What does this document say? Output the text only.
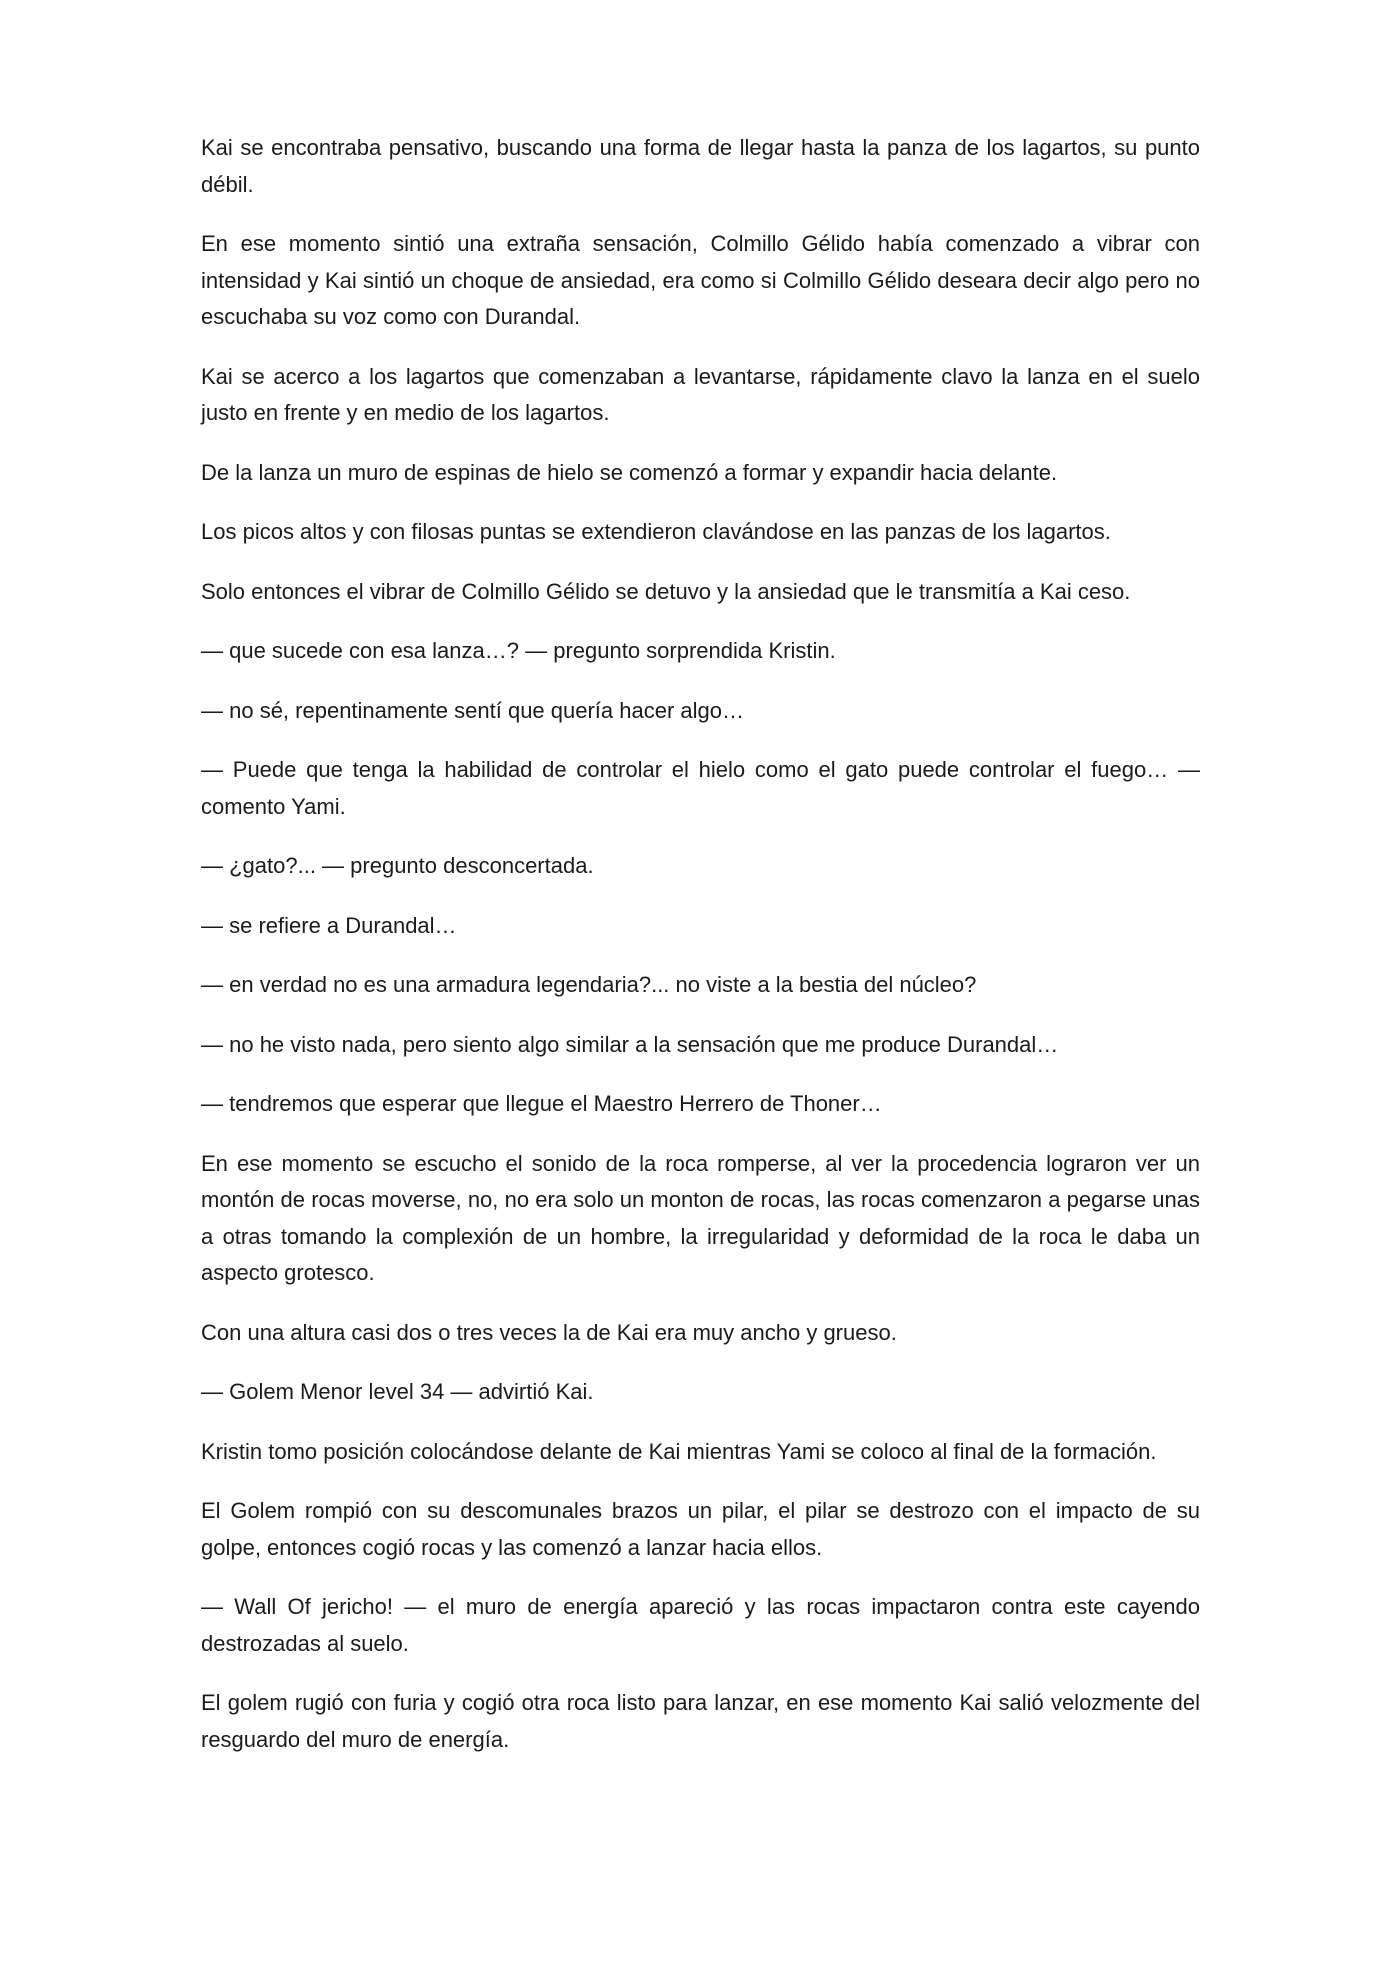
Kai se encontraba pensativo, buscando una forma de llegar hasta la panza de los lagartos, su punto débil.

En ese momento sintió una extraña sensación, Colmillo Gélido había comenzado a vibrar con intensidad y Kai sintió un choque de ansiedad, era como si Colmillo Gélido deseara decir algo pero no escuchaba su voz como con Durandal.

Kai se acerco a los lagartos que comenzaban a levantarse, rápidamente clavo la lanza en el suelo justo en frente y en medio de los lagartos.

De la lanza un muro de espinas de hielo se comenzó a formar y expandir hacia delante.

Los picos altos y con filosas puntas se extendieron clavándose en las panzas de los lagartos.

Solo entonces el vibrar de Colmillo Gélido se detuvo y la ansiedad que le transmitía a Kai ceso.

— que sucede con esa lanza…? — pregunto sorprendida Kristin.

— no sé, repentinamente sentí que quería hacer algo…

— Puede que tenga la habilidad de controlar el hielo como el gato puede controlar el fuego… — comento Yami.

— ¿gato?... — pregunto desconcertada.

— se refiere a Durandal…

— en verdad no es una armadura legendaria?... no viste a la bestia del núcleo?

— no he visto nada, pero siento algo similar a la sensación que me produce Durandal…

— tendremos que esperar que llegue el Maestro Herrero de Thoner…

En ese momento se escucho el sonido de la roca romperse, al ver la procedencia lograron ver un montón de rocas moverse, no, no era solo un monton de rocas, las rocas comenzaron a pegarse unas a otras tomando la complexión de un hombre, la irregularidad y deformidad de la roca le daba un aspecto grotesco.

Con una altura casi dos o tres veces la de Kai era muy ancho y grueso.

— Golem Menor level 34 — advirtió Kai.

Kristin tomo posición colocándose delante de Kai mientras Yami se coloco al final de la formación.

El Golem rompió con su descomunales brazos un pilar, el pilar se destrozo con el impacto de su golpe, entonces cogió rocas y las comenzó a lanzar hacia ellos.

— Wall Of jericho! — el muro de energía apareció y las rocas impactaron contra este cayendo destrozadas al suelo.

El golem rugió con furia y cogió otra roca listo para lanzar, en ese momento Kai salió velozmente del resguardo del muro de energía.
